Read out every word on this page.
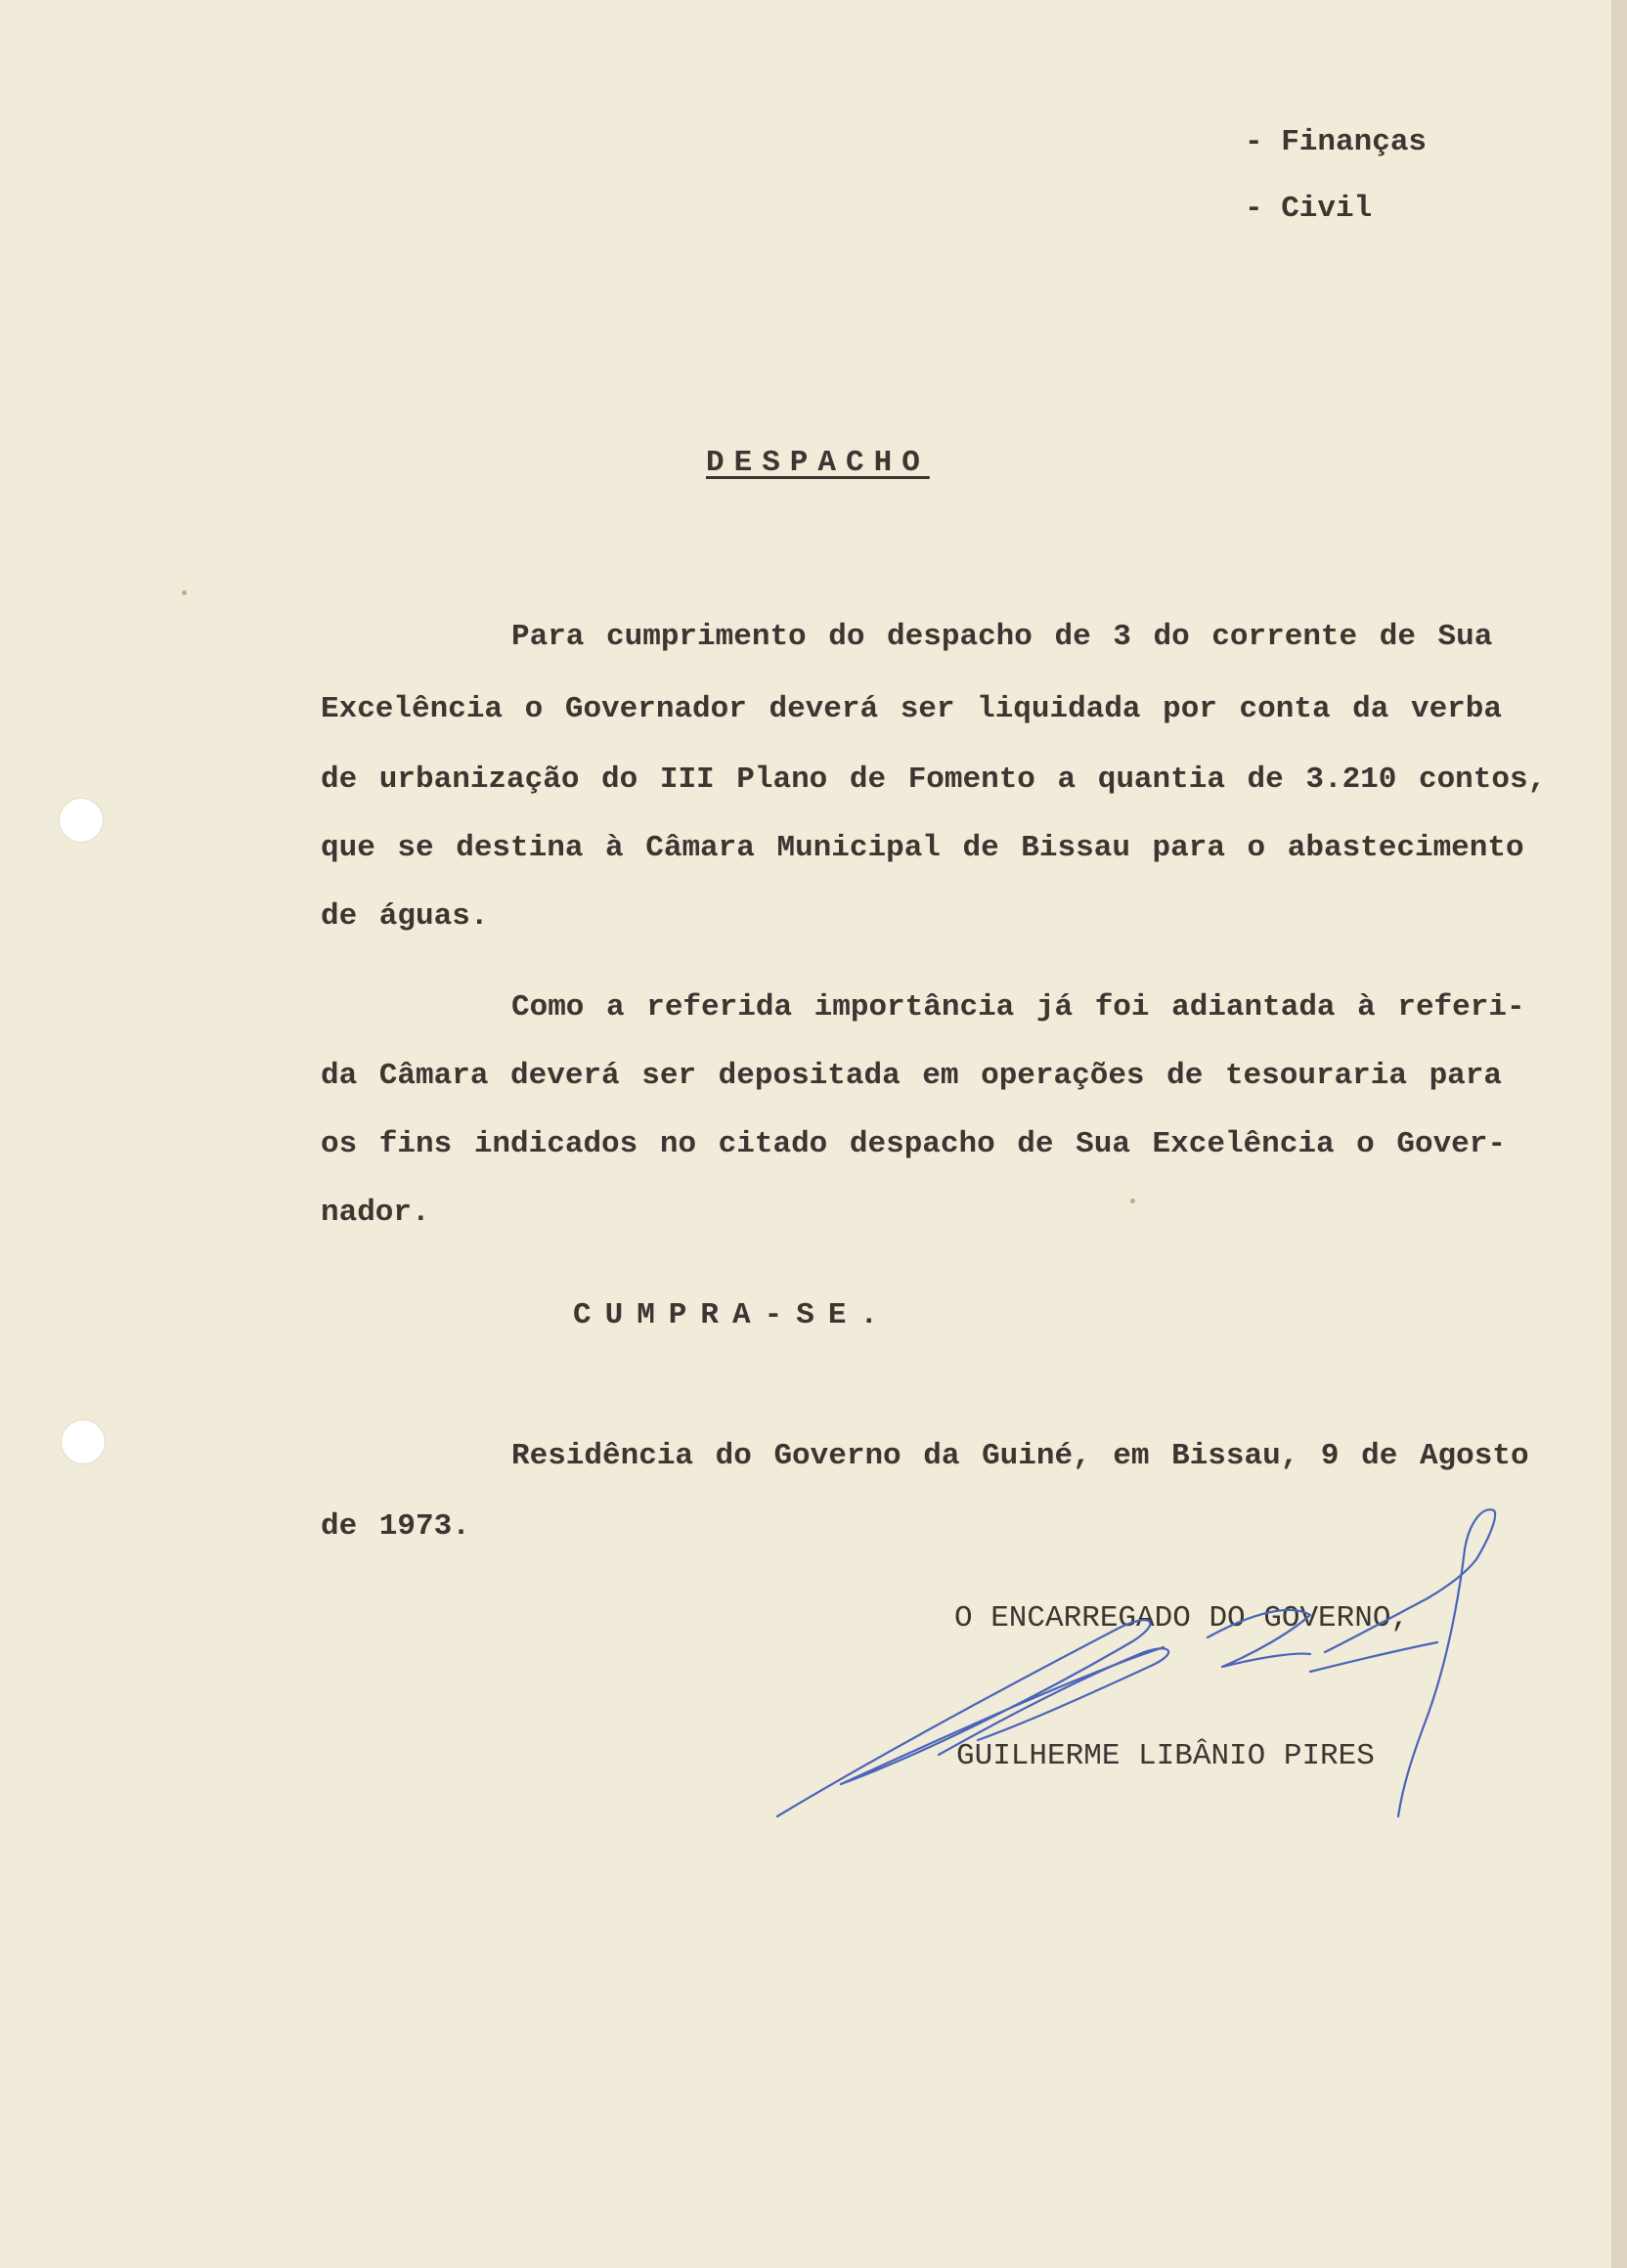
- Finanças
- Civil
DESPACHO
Para cumprimento do despacho de 3 do corrente de Sua
Excelência o Governador deverá ser liquidada por conta da verba
de urbanização do III Plano de Fomento a quantia de 3.210 contos,
que se destina à Câmara Municipal de Bissau para o abastecimento
de águas.
Como a referida importância já foi adiantada à referi-
da Câmara deverá ser depositada em operações de tesouraria para
os fins indicados no citado despacho de Sua Excelência o Gover-
nador.
CUMPRA-SE.
Residência do Governo da Guiné, em Bissau, 9 de Agosto
de 1973.
O ENCARREGADO DO GOVERNO,
GUILHERME LIBÂNIO PIRES
